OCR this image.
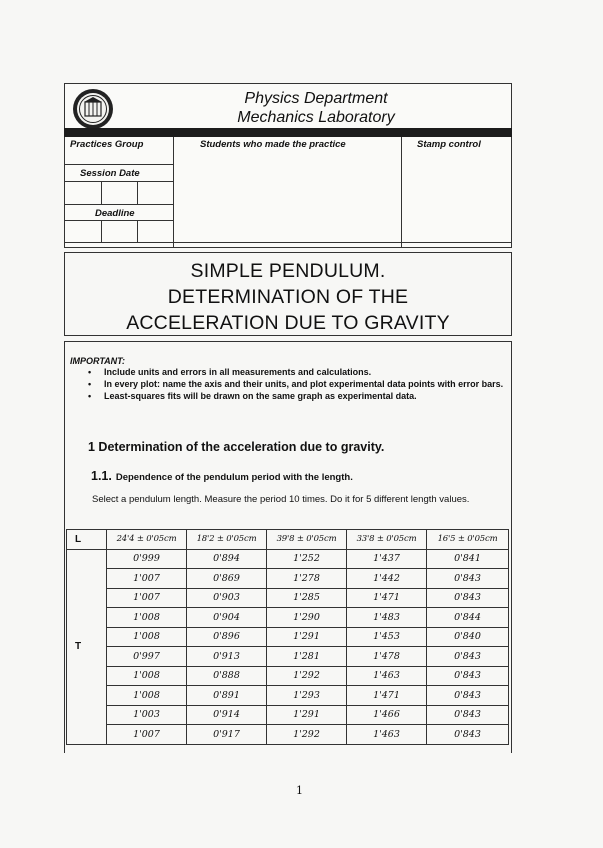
Physics Department
Mechanics Laboratory
Practices Group
Session Date
Deadline
Students who made the practice	Stamp control
SIMPLE PENDULUM.
DETERMINATION OF THE
ACCELERATION DUE TO GRAVITY
IMPORTANT:
• Include units and errors in all measurements and calculations.
• In every plot: name the axis and their units, and plot experimental data points with error bars.
• Least-squares fits will be drawn on the same graph as experimental data.
1 Determination of the acceleration due to gravity.
1.1. Dependence of the pendulum period with the length.
Select a pendulum length. Measure the period 10 times. Do it for 5 different length values.
L	24'4 ± 0'05cm	18'2 ± 0'05cm	39'8 ± 0'05cm	33'8 ± 0'05cm	16'5 ± 0'05cm
T	0'999	0'894	1'252	1'437	0'841
	1'007	0'869	1'278	1'442	0'843
	1'007	0'903	1'285	1'471	0'843
	1'008	0'904	1'290	1'483	0'844
	1'008	0'896	1'291	1'453	0'840
	0'997	0'913	1'281	1'478	0'843
	1'008	0'888	1'292	1'463	0'843
	1'008	0'891	1'293	1'471	0'843
	1'003	0'914	1'291	1'466	0'843
	1'007	0'917	1'292	1'463	0'843
1
